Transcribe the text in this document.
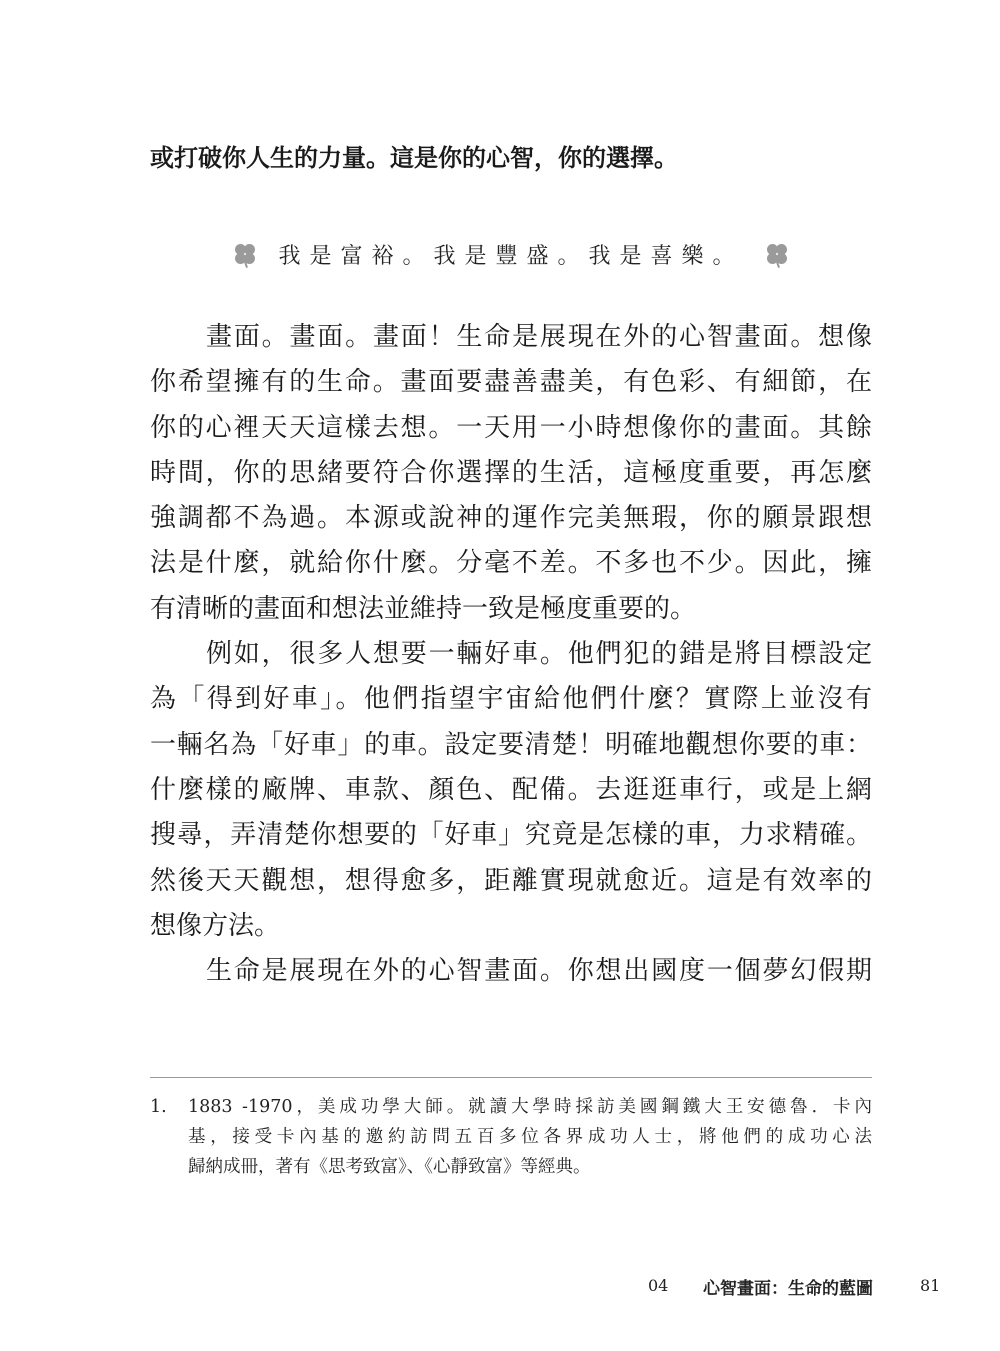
或打破你人生的力量。這是你的心智，你的選擇。
我是富裕。我是豐盛。我是喜樂。
畫面。畫面。畫面！生命是展現在外的心智畫面。想像
你希望擁有的生命。畫面要盡善盡美，有色彩、有細節，在
你的心裡天天這樣去想。一天用一小時想像你的畫面。其餘
時間，你的思緒要符合你選擇的生活，這極度重要，再怎麼
強調都不為過。本源或說神的運作完美無瑕，你的願景跟想
法是什麼，就給你什麼。分毫不差。不多也不少。因此，擁
有清晰的畫面和想法並維持一致是極度重要的。
例如，很多人想要一輛好車。他們犯的錯是將目標設定
為「得到好車」。他們指望宇宙給他們什麼？實際上並沒有
一輛名為「好車」的車。設定要清楚！明確地觀想你要的車：
什麼樣的廠牌、車款、顏色、配備。去逛逛車行，或是上網
搜尋，弄清楚你想要的「好車」究竟是怎樣的車，力求精確。
然後天天觀想，想得愈多，距離實現就愈近。這是有效率的
想像方法。
生命是展現在外的心智畫面。你想出國度一個夢幻假期
1. 1883 -1970，美成功學大師。就讀大學時採訪美國鋼鐵大王安德魯．卡內
基，接受卡內基的邀約訪問五百多位各界成功人士，將他們的成功心法
歸納成冊，著有《思考致富》、《心靜致富》等經典。
04 心智畫面：生命的藍圖	81
